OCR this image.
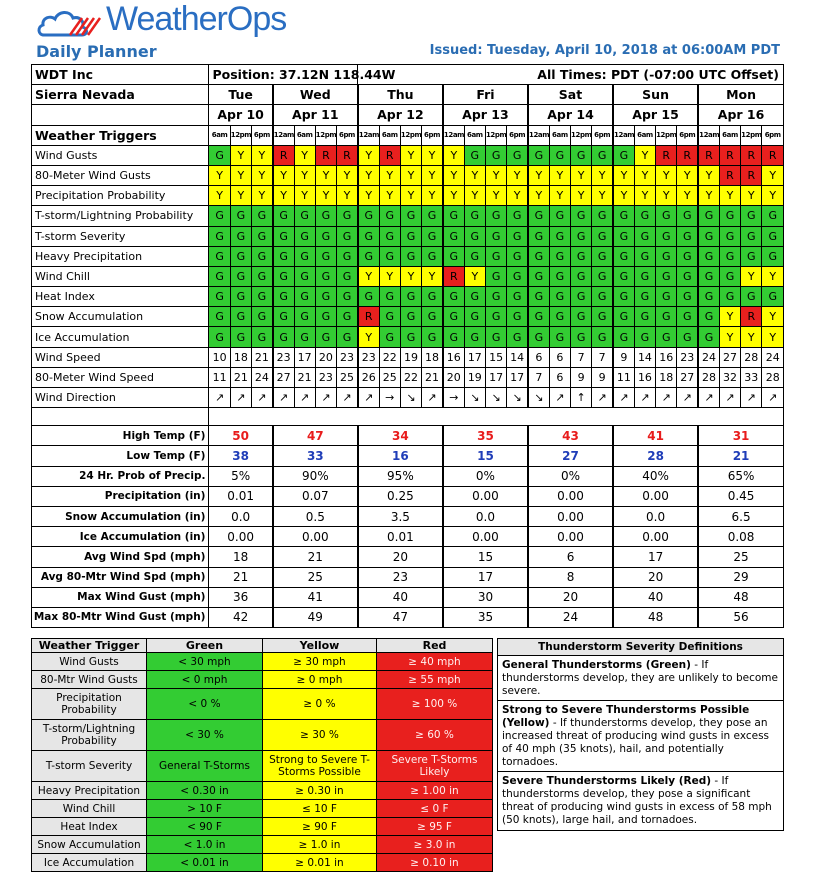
WeatherOps
Daily Planner	Issued: Tuesday, April 10, 2018 at 06:00AM PDT
WDT Inc	Position: 37.12N 118.44W							All Times: PDT (-07:00 UTC Offset)																			
Sierra Nevada	Tue			Wed				Thu				Fri				Sat				Sun				Mon			
	Apr 10			Apr 11				Apr 12				Apr 13				Apr 14				Apr 15				Apr 16			
Weather Triggers	6am	12pm	6pm	12am	6am	12pm	6pm	12am	6am	12pm	6pm	12am	6am	12pm	6pm	12am	6am	12pm	6pm	12am	6am	12pm	6pm	12am	6am	12pm	6pm
Wind Gusts	G	Y	Y	R	Y	R	R	Y	R	Y	Y	Y	G	G	G	G	G	G	G	G	Y	R	R	R	R	R	R
80-Meter Wind Gusts	Y	Y	Y	Y	Y	Y	Y	Y	Y	Y	Y	Y	Y	Y	Y	Y	Y	Y	Y	Y	Y	Y	Y	Y	R	R	Y
Precipitation Probability	Y	Y	Y	Y	Y	Y	Y	Y	Y	Y	Y	Y	Y	Y	Y	Y	Y	Y	Y	Y	Y	Y	Y	Y	Y	Y	Y
T-storm/Lightning Probability	G	G	G	G	G	G	G	G	G	G	G	G	G	G	G	G	G	G	G	G	G	G	G	G	G	G	G
T-storm Severity	G	G	G	G	G	G	G	G	G	G	G	G	G	G	G	G	G	G	G	G	G	G	G	G	G	G	G
Heavy Precipitation	G	G	G	G	G	G	G	G	G	G	G	G	G	G	G	G	G	G	G	G	G	G	G	G	G	G	G
Wind Chill	G	G	G	G	G	G	G	Y	Y	Y	Y	R	Y	G	G	G	G	G	G	G	G	G	G	G	G	Y	Y
Heat Index	G	G	G	G	G	G	G	G	G	G	G	G	G	G	G	G	G	G	G	G	G	G	G	G	G	G	G
Snow Accumulation	G	G	G	G	G	G	G	R	G	G	G	G	G	G	G	G	G	G	G	G	G	G	G	G	Y	R	Y
Ice Accumulation	G	G	G	G	G	G	G	Y	G	G	G	G	G	G	G	G	G	G	G	G	G	G	G	G	Y	Y	Y
Wind Speed	10	18	21	23	17	20	23	23	22	19	18	16	17	15	14	6	6	7	7	9	14	16	23	24	27	28	24
80-Meter Wind Speed	11	21	24	27	21	23	25	26	25	22	21	20	19	17	17	7	6	9	9	11	16	18	27	28	32	33	28
Wind Direction	↗	↗	↗	↗	↗	↗	↗	↗	→	↘	↗	→	↘	↘	↘	↘	↗	↑	↗	↗	↗	↗	↗	↗	↗	↗	↗

High Temp (F)	50			47				34				35				43				41				31			
Low Temp (F)	38			33				16				15				27				28				21			
24 Hr. Prob of Precip.	5%			90%				95%				0%				0%				40%				65%			
Precipitation (in)	0.01			0.07				0.25				0.00				0.00				0.00				0.45			
Snow Accumulation (in)	0.0			0.5				3.5				0.0				0.00				0.0				6.5			
Ice Accumulation (in)	0.00			0.00				0.01				0.00				0.00				0.00				0.08			
Avg Wind Spd (mph)	18			21				20				15				6				17				25			
Avg 80-Mtr Wind Spd (mph)	21			25				23				17				8				20				29			
Max Wind Gust (mph)	36			41				40				30				20				40				48			
Max 80-Mtr Wind Gust (mph)	42			49				47				35				24				48				56			
Weather Trigger	Green	Yellow	Red
Wind Gusts	< 30 mph	≥ 30 mph	≥ 40 mph
80-Mtr Wind Gusts	< 0 mph	≥ 0 mph	≥ 55 mph
Precipitation Probability	< 0 %	≥ 0 %	≥ 100 %
T-storm/Lightning Probability	< 30 %	≥ 30 %	≥ 60 %
T-storm Severity	General T-Storms	Strong to Severe T-Storms Possible	Severe T-Storms Likely
Heavy Precipitation	< 0.30 in	≥ 0.30 in	≥ 1.00 in
Wind Chill	> 10 F	≤ 10 F	≤ 0 F
Heat Index	< 90 F	≥ 90 F	≥ 95 F
Snow Accumulation	< 1.0 in	≥ 1.0 in	≥ 3.0 in
Ice Accumulation	< 0.01 in	≥ 0.01 in	≥ 0.10 in
Thunderstorm Severity Definitions
General Thunderstorms (Green) - If thunderstorms develop, they are unlikely to become severe.
Strong to Severe Thunderstorms Possible (Yellow) - If thunderstorms develop, they pose an increased threat of producing wind gusts in excess of 40 mph (35 knots), hail, and potentially tornadoes.
Severe Thunderstorms Likely (Red) - If thunderstorms develop, they pose a significant threat of producing wind gusts in excess of 58 mph (50 knots), large hail, and tornadoes.
